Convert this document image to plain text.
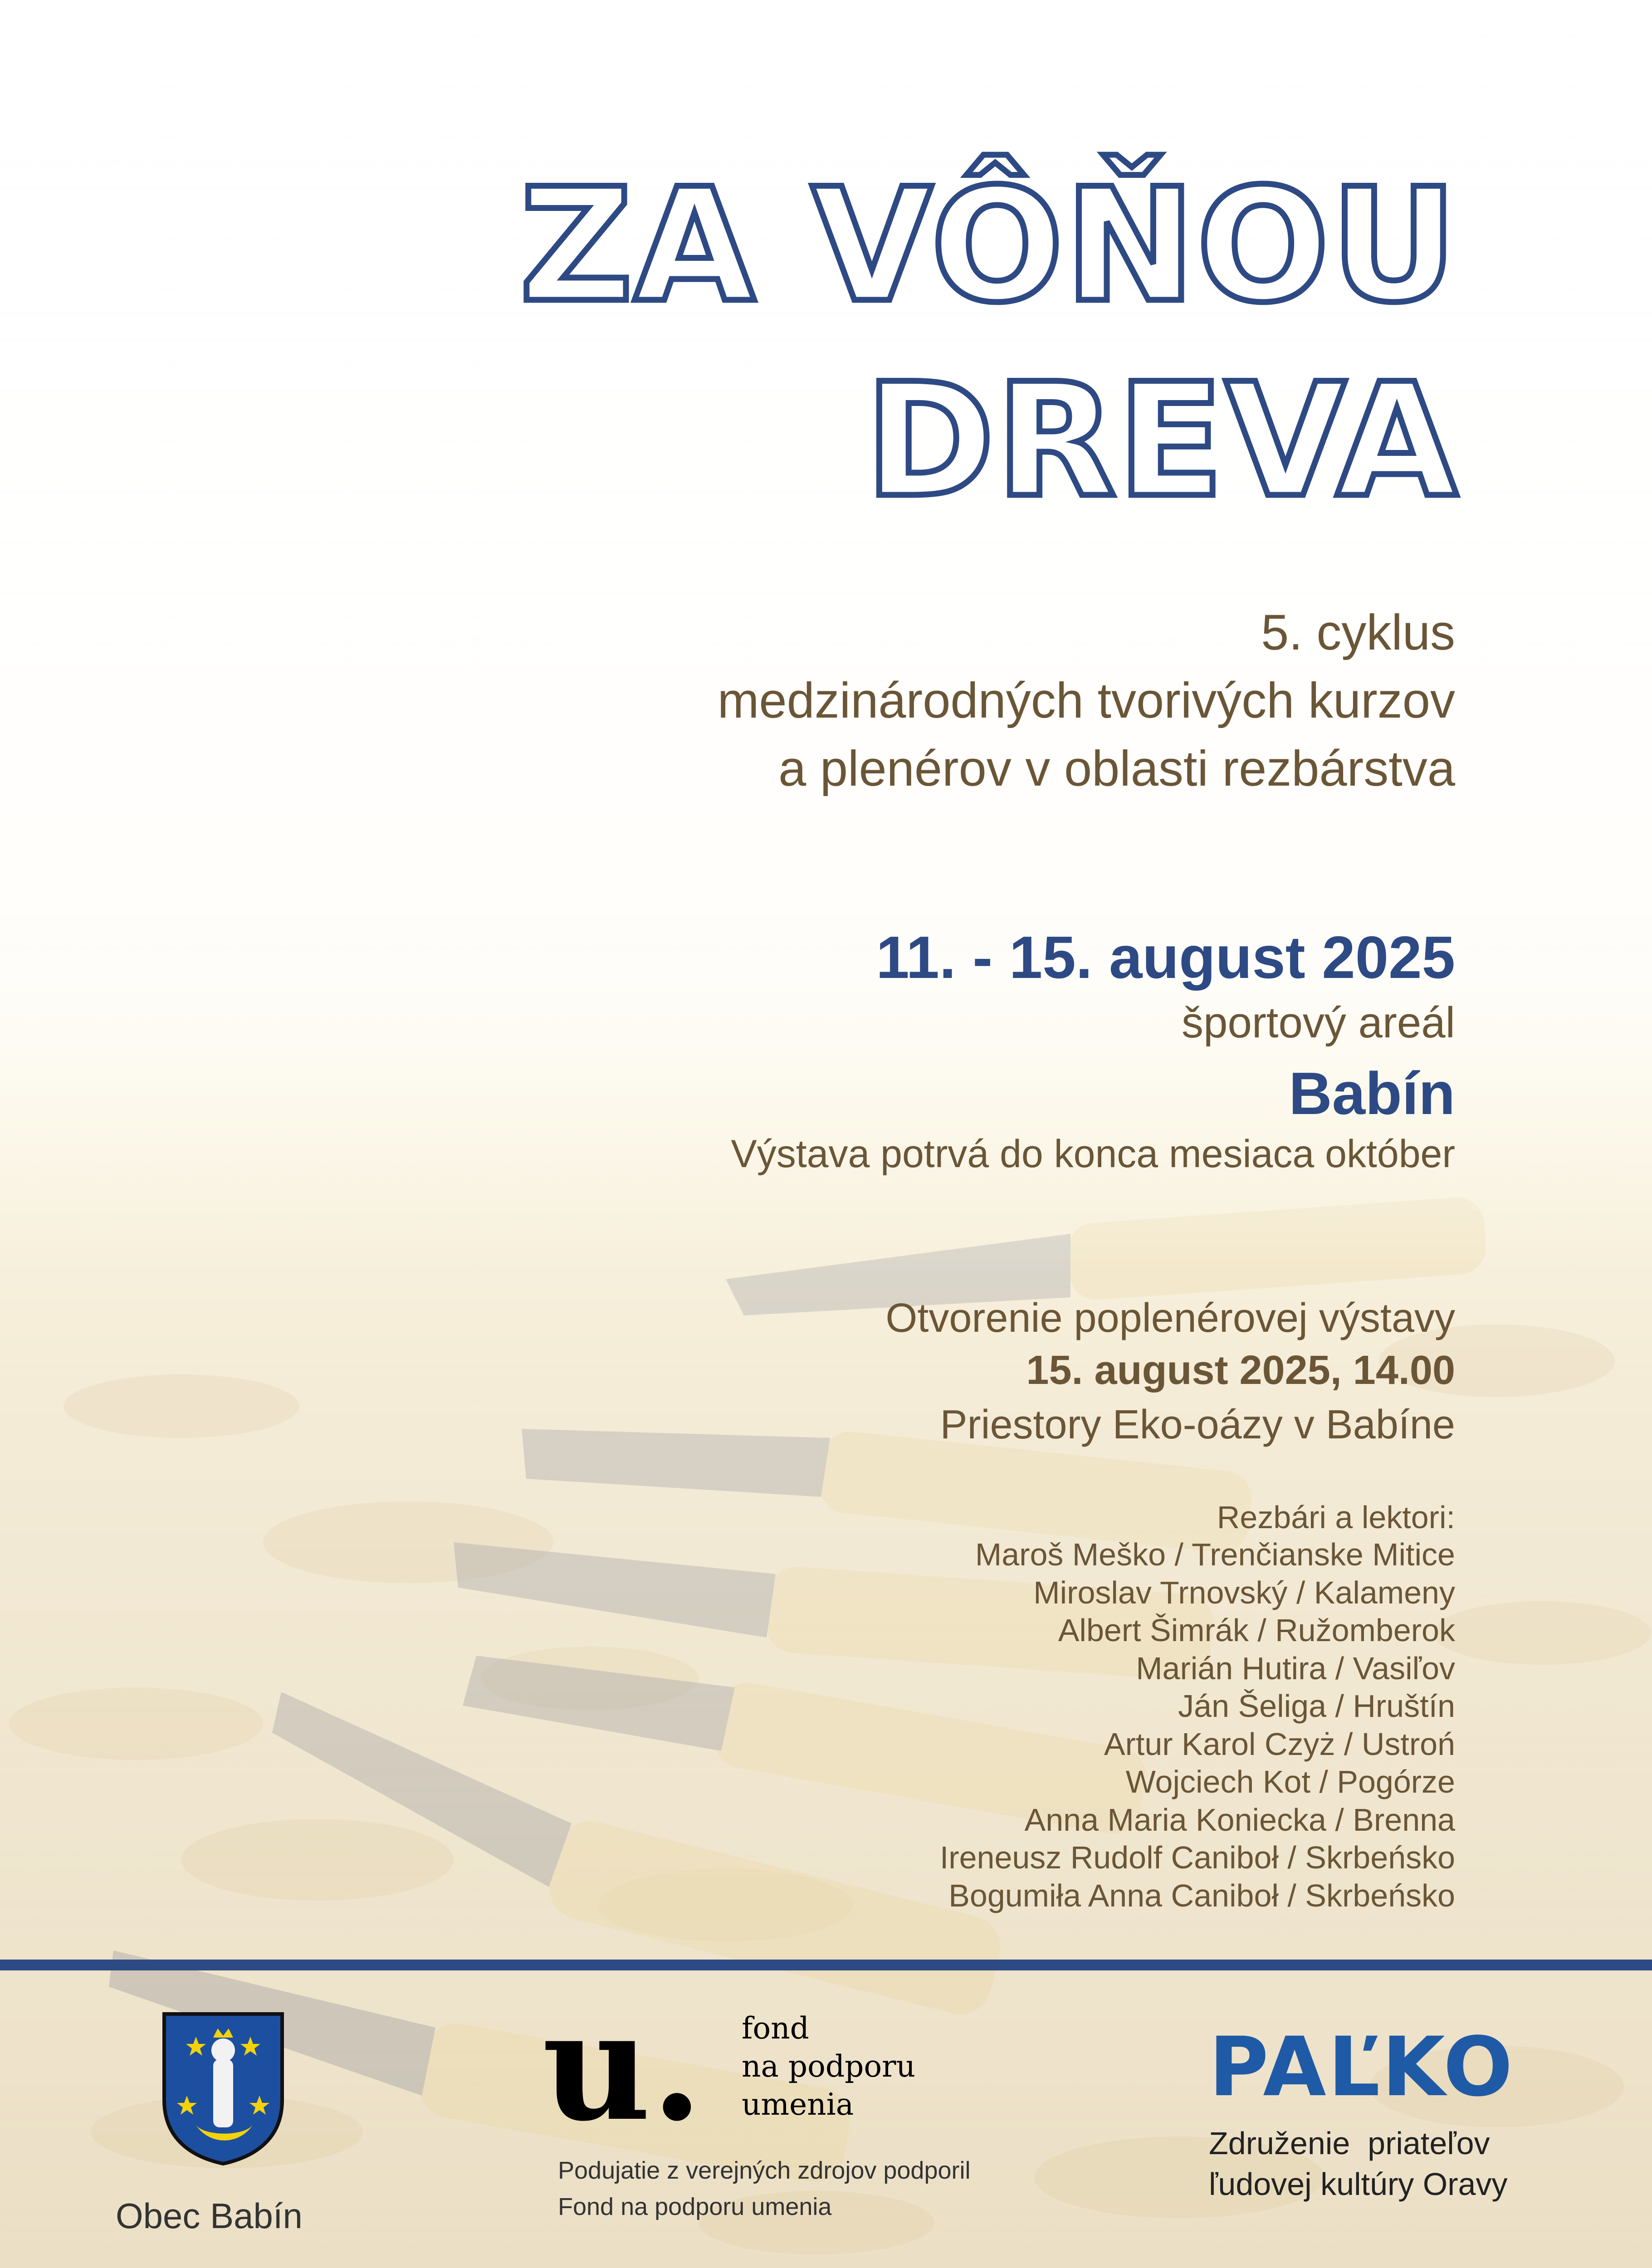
ZA VÔŇOU
DREVA
5. cyklus
medzinárodných tvorivých kurzov
a plenérov v oblasti rezbárstva
11. - 15. august 2025
športový areál
Babín
Výstava potrvá do konca mesiaca október
Otvorenie poplenérovej výstavy
15. august 2025, 14.00
Priestory Eko-oázy v Babíne
Rezbári a lektori:
Maroš Meško / Trenčianske Mitice
Miroslav Trnovský / Kalameny
Albert Šimrák / Ružomberok
Marián Hutira / Vasiľov
Ján Šeliga / Hruštín
Artur Karol Czyż / Ustroń
Wojciech Kot / Pogórze
Anna Maria Koniecka / Brenna
Ireneusz Rudolf Caniboł / Skrbeńsko
Bogumiła Anna Caniboł / Skrbeńsko
Obec Babín
u. fond
na podporu
umenia
Podujatie z verejných zdrojov podporil
Fond na podporu umenia
PAĽKO
Združenie  priateľov
ľudovej kultúry Oravy
